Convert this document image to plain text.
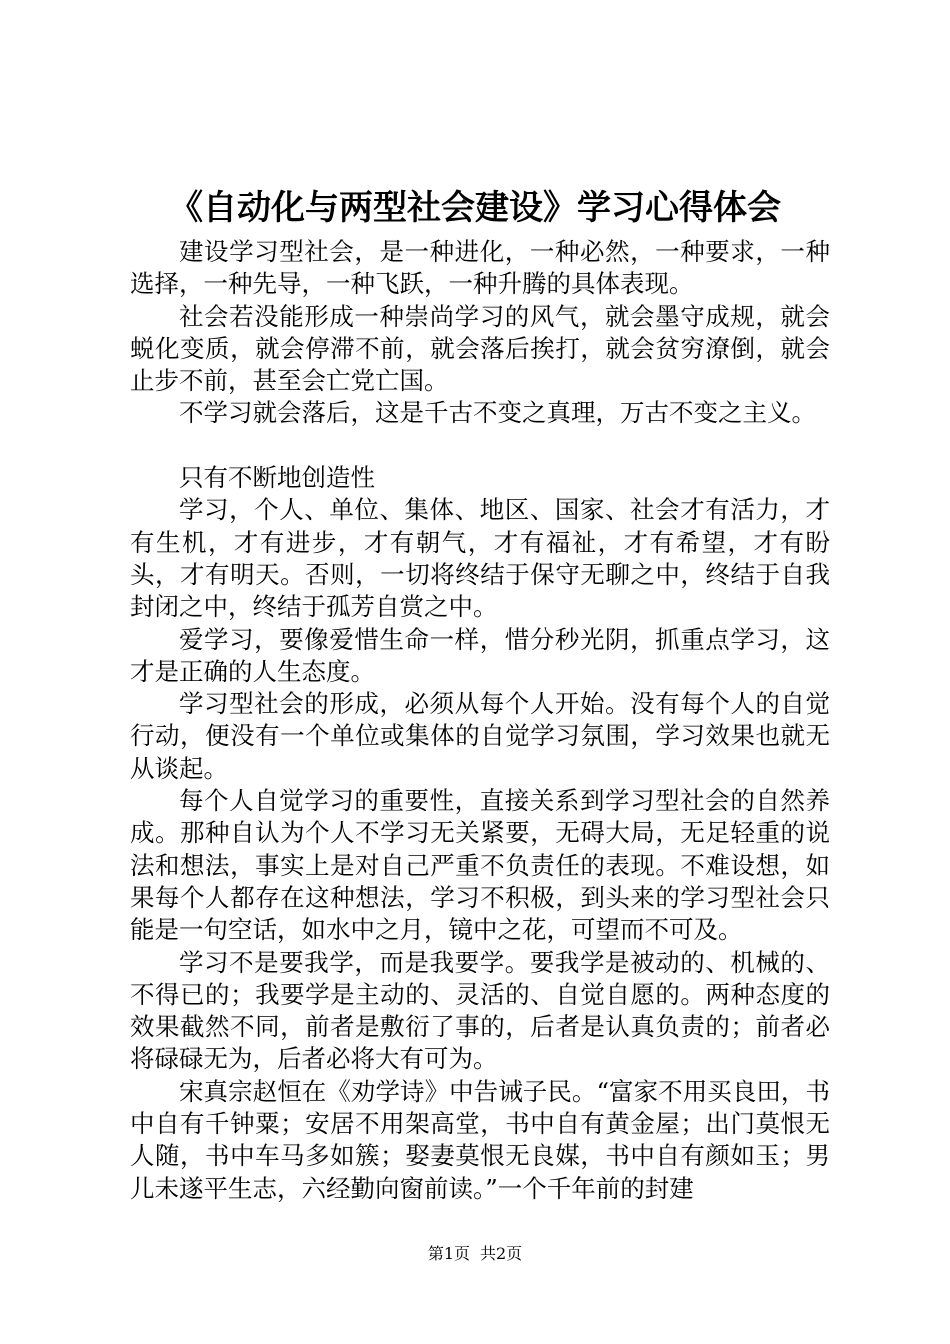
《自动化与两型社会建设》学习心得体会

建设学习型社会，是一种进化，一种必然，一种要求，一种选择，一种先导，一种飞跃，一种升腾的具体表现。

社会若没能形成一种崇尚学习的风气，就会墨守成规，就会蜕化变质，就会停滞不前，就会落后挨打，就会贫穷潦倒，就会止步不前，甚至会亡党亡国。

不学习就会落后，这是千古不变之真理，万古不变之主义。

只有不断地创造性

学习，个人、单位、集体、地区、国家、社会才有活力，才有生机，才有进步，才有朝气，才有福祉，才有希望，才有盼头，才有明天。否则，一切将终结于保守无聊之中，终结于自我封闭之中，终结于孤芳自赏之中。

爱学习，要像爱惜生命一样，惜分秒光阴，抓重点学习，这才是正确的人生态度。

学习型社会的形成，必须从每个人开始。没有每个人的自觉行动，便没有一个单位或集体的自觉学习氛围，学习效果也就无从谈起。

每个人自觉学习的重要性，直接关系到学习型社会的自然养成。那种自认为个人不学习无关紧要，无碍大局，无足轻重的说法和想法，事实上是对自己严重不负责任的表现。不难设想，如果每个人都存在这种想法，学习不积极，到头来的学习型社会只能是一句空话，如水中之月，镜中之花，可望而不可及。

学习不是要我学，而是我要学。要我学是被动的、机械的、不得已的；我要学是主动的、灵活的、自觉自愿的。两种态度的效果截然不同，前者是敷衍了事的，后者是认真负责的；前者必将碌碌无为，后者必将大有可为。

宋真宗赵恒在《劝学诗》中告诫子民。“富家不用买良田，书中自有千钟粟；安居不用架高堂，书中自有黄金屋；出门莫恨无人随，书中车马多如簇；娶妻莫恨无良媒，书中自有颜如玉；男儿未遂平生志，六经勤向窗前读。”一个千年前的封建

第1页 共2页
